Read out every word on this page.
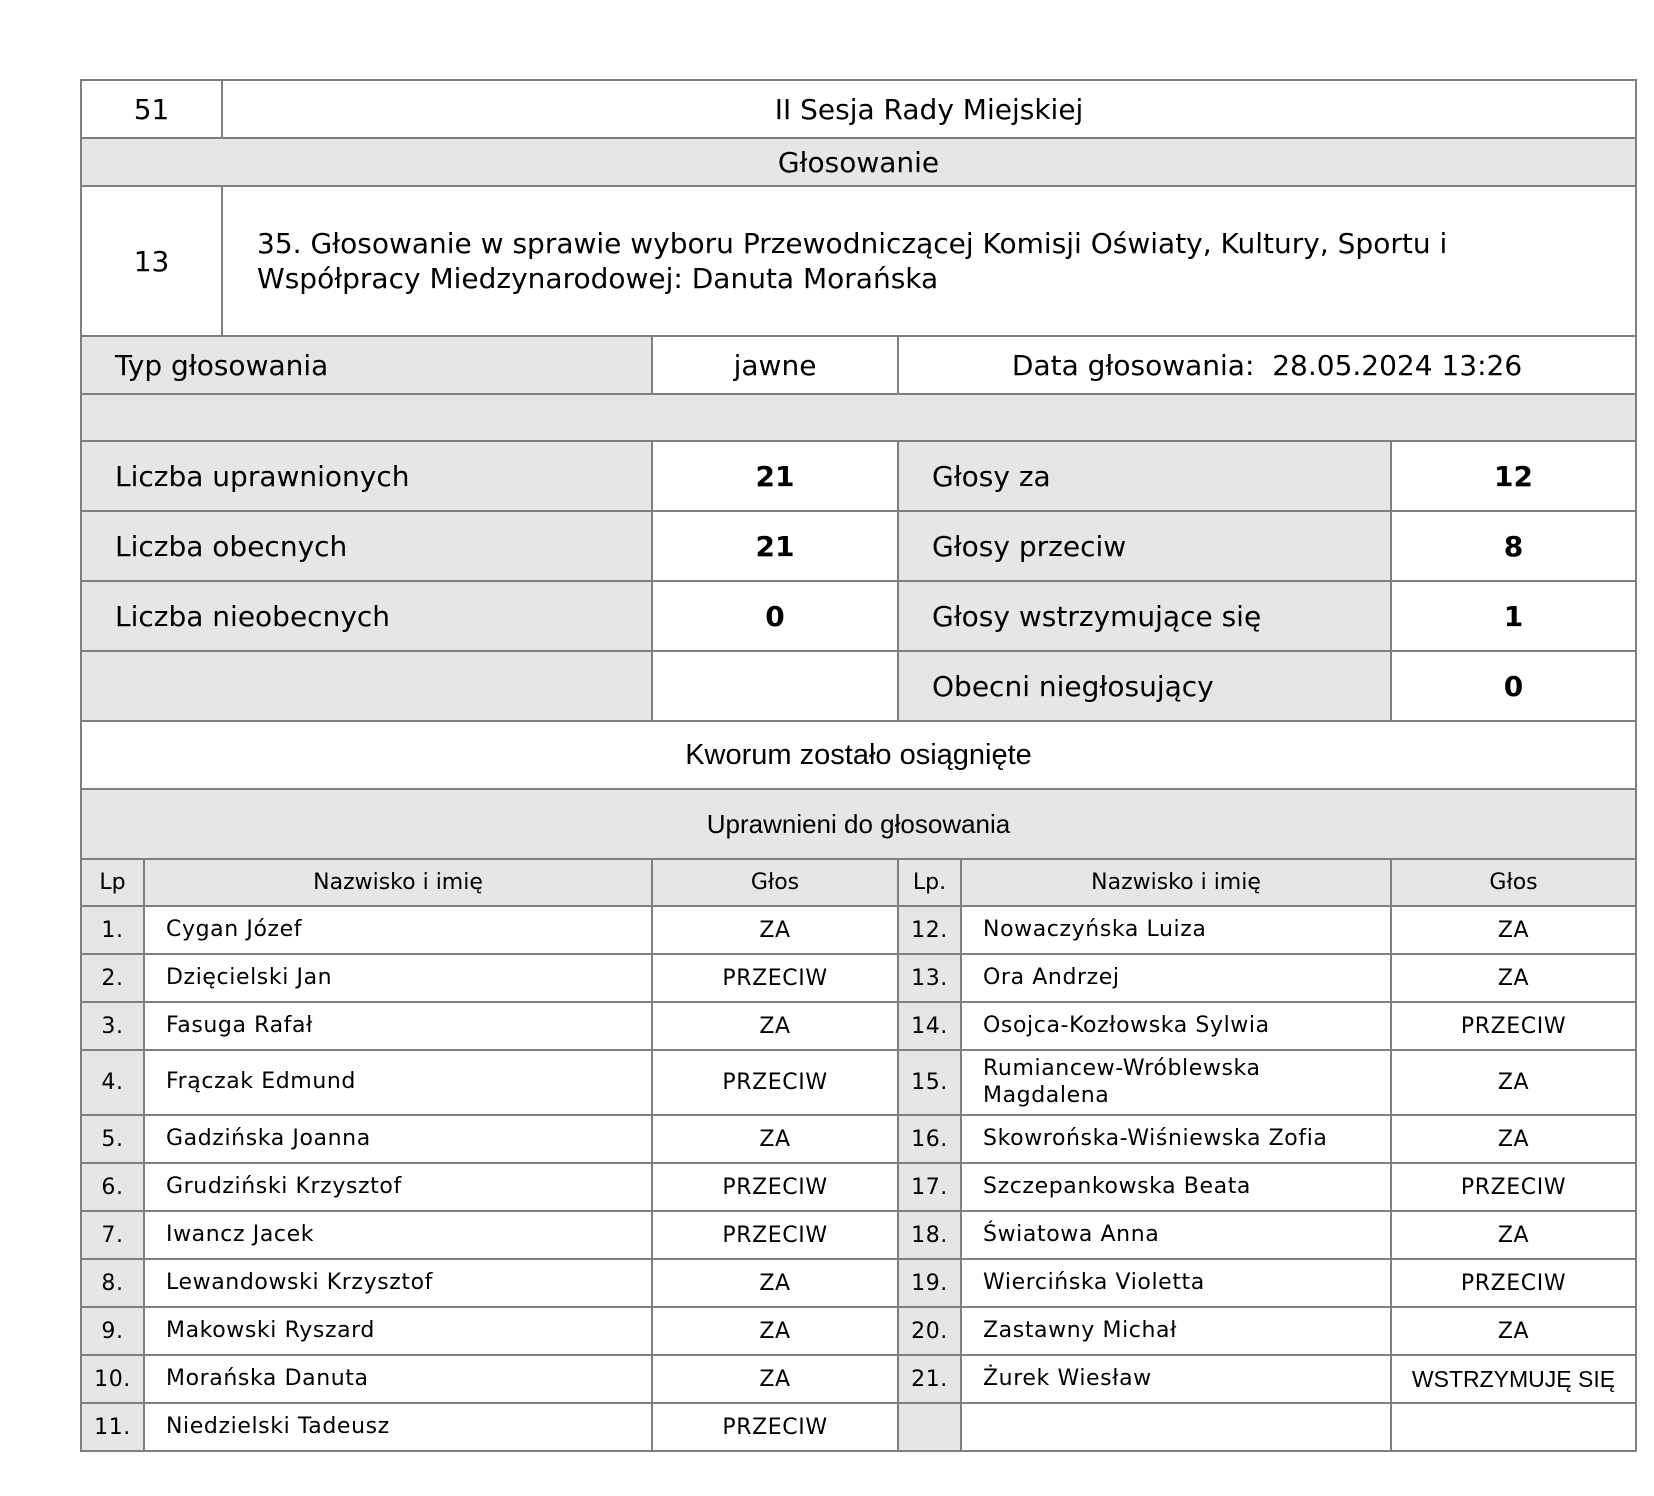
51		II Sesja Rady Miejskiej				
Głosowanie						
13		35. Głosowanie w sprawie wyboru Przewodniczącej Komisji Oświaty, Kultury, Sportu i Współpracy Miedzynarodowej: Danuta Morańska				
Typ głosowania			jawne	Data głosowania: 28.05.2024 13:26		

Liczba uprawnionych			21	Głosy za		12
Liczba obecnych			21	Głosy przeciw		8
Liczba nieobecnych			0	Głosy wstrzymujące się		1
				Obecni niegłosujący		0
Kworum zostało osiągnięte						
Uprawnieni do głosowania						
Lp	Nazwisko i imię		Głos	Lp.	Nazwisko i imię	Głos
1.	Cygan Józef		ZA	12.	Nowaczyńska Luiza	ZA
2.	Dzięcielski Jan		PRZECIW	13.	Ora Andrzej	ZA
3.	Fasuga Rafał		ZA	14.	Osojca-Kozłowska Sylwia	PRZECIW
4.	Frączak Edmund		PRZECIW	15.	Rumiancew-Wróblewska Magdalena	ZA
5.	Gadzińska Joanna		ZA	16.	Skowrońska-Wiśniewska Zofia	ZA
6.	Grudziński Krzysztof		PRZECIW	17.	Szczepankowska Beata	PRZECIW
7.	Iwancz Jacek		PRZECIW	18.	Światowa Anna	ZA
8.	Lewandowski Krzysztof		ZA	19.	Wiercińska Violetta	PRZECIW
9.	Makowski Ryszard		ZA	20.	Zastawny Michał	ZA
10.	Morańska Danuta		ZA	21.	Żurek Wiesław	WSTRZYMUJĘ SIĘ
11.	Niedzielski Tadeusz		PRZECIW			
